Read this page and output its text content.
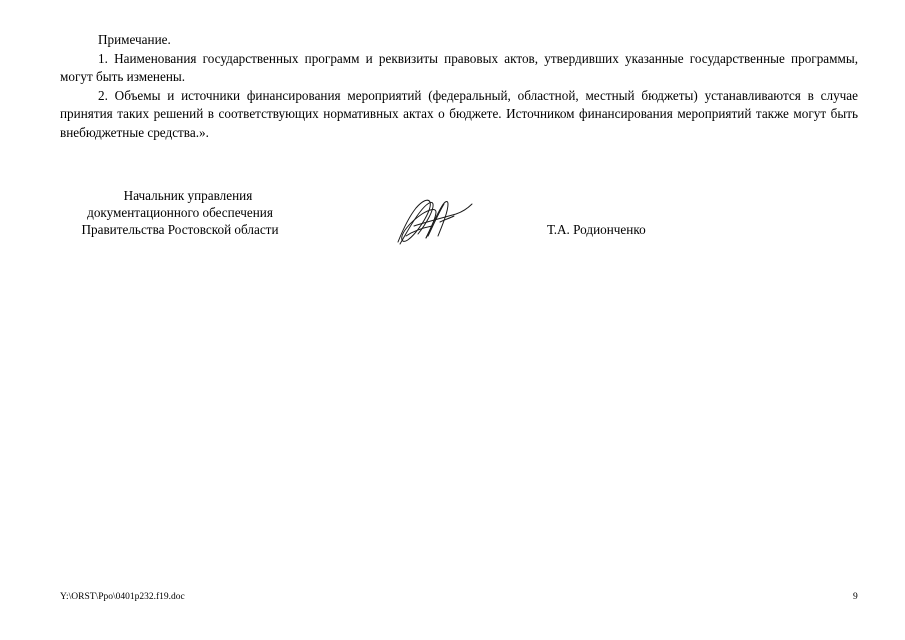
Примечание.

1. Наименования государственных программ и реквизиты правовых актов, утвердивших указанные государственные программы, могут быть изменены.

2. Объемы и источники финансирования мероприятий (федеральный, областной, местный бюджеты) устанавливаются в случае принятия таких решений в соответствующих нормативных актах о бюджете. Источником финансирования мероприятий также могут быть внебюджетные средства.».

Начальник управления
документационного обеспечения
Правительства Ростовской области	Т.А. Родионченко
Y:\ORST\Ppo\0401p232.f19.doc	9
